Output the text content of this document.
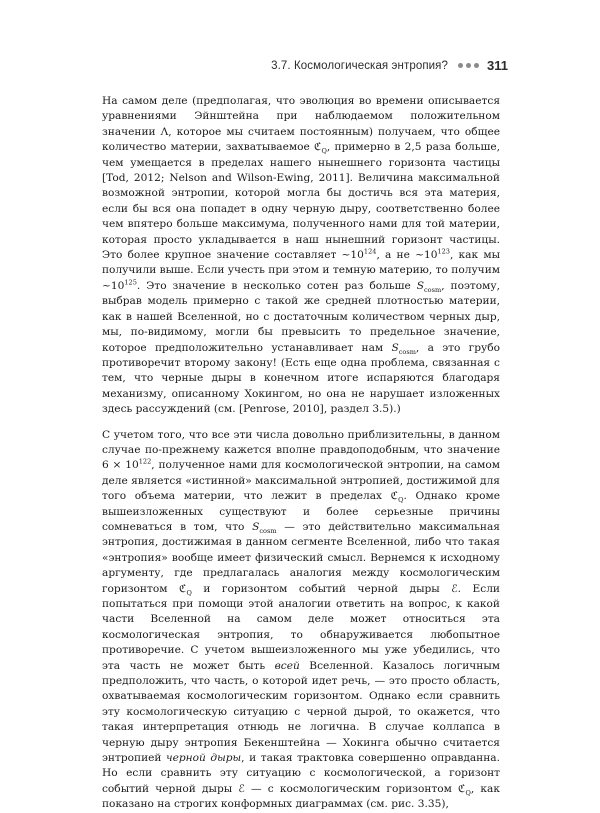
3.7. Космологическая энтропия?	311

На самом деле (предполагая, что эволюция во времени описывается уравнениями Эйнштейна при наблюдаемом положительном значении Λ, которое мы считаем постоянным) получаем, что общее количество материи, захватываемое ℭ$_Q$, примерно в 2,5 раза больше, чем умещается в пределах нашего нынешнего горизонта частицы [Tod, 2012; Nelson and Wilson-Ewing, 2011]. Величина максимальной возможной энтропии, которой могла бы достичь вся эта материя, если бы вся она попадет в одну черную дыру, соответственно более чем впятеро больше максимума, полученного нами для той материи, которая просто укладывается в наш нынешний горизонт частицы. Это более крупное значение составляет $\sim 10^{124}$, а не $\sim 10^{123}$, как мы получили выше. Если учесть при этом и темную материю, то получим $\sim 10^{125}$. Это значение в несколько сотен раз больше $S_{cosm}$, поэтому, выбрав модель примерно с такой же средней плотностью материи, как в нашей Вселенной, но с достаточным количеством черных дыр, мы, по-видимому, могли бы превысить то предельное значение, которое предположительно устанавливает нам $S_{cosm}$, а это грубо противоречит второму закону! (Есть еще одна проблема, связанная с тем, что черные дыры в конечном итоге испаряются благодаря механизму, описанному Хокингом, но она не нарушает изложенных здесь рассуждений (см. [Penrose, 2010], раздел 3.5).)

С учетом того, что все эти числа довольно приблизительны, в данном случае по-прежнему кажется вполне правдоподобным, что значение $6 \times 10^{122}$, полученное нами для космологической энтропии, на самом деле является «истинной» максимальной энтропией, достижимой для того объема материи, что лежит в пределах ℭ$_Q$. Однако кроме вышеизложенных существуют и более серьезные причины сомневаться в том, что $S_{cosm}$ — это действительно максимальная энтропия, достижимая в данном сегменте Вселенной, либо что такая «энтропия» вообще имеет физический смысл. Вернемся к исходному аргументу, где предлагалась аналогия между космологическим горизонтом ℭ$_Q$ и горизонтом событий черной дыры ℰ. Если попытаться при помощи этой аналогии ответить на вопрос, к какой части Вселенной на самом деле может относиться эта космологическая энтропия, то обнаруживается любопытное противоречие. С учетом вышеизложенного мы уже убедились, что эта часть не может быть всей Вселенной. Казалось логичным предположить, что часть, о которой идет речь, — это просто область, охватываемая космологическим горизонтом. Однако если сравнить эту космологическую ситуацию с черной дырой, то окажется, что такая интерпретация отнюдь не логична. В случае коллапса в черную дыру энтропия Бекенштейна — Хокинга обычно считается энтропией черной дыры, и такая трактовка совершенно оправданна. Но если сравнить эту ситуацию с космологической, а горизонт событий черной дыры ℰ — с космологическим горизонтом ℭ$_Q$, как показано на строгих конформных диаграммах (см. рис. 3.35),
